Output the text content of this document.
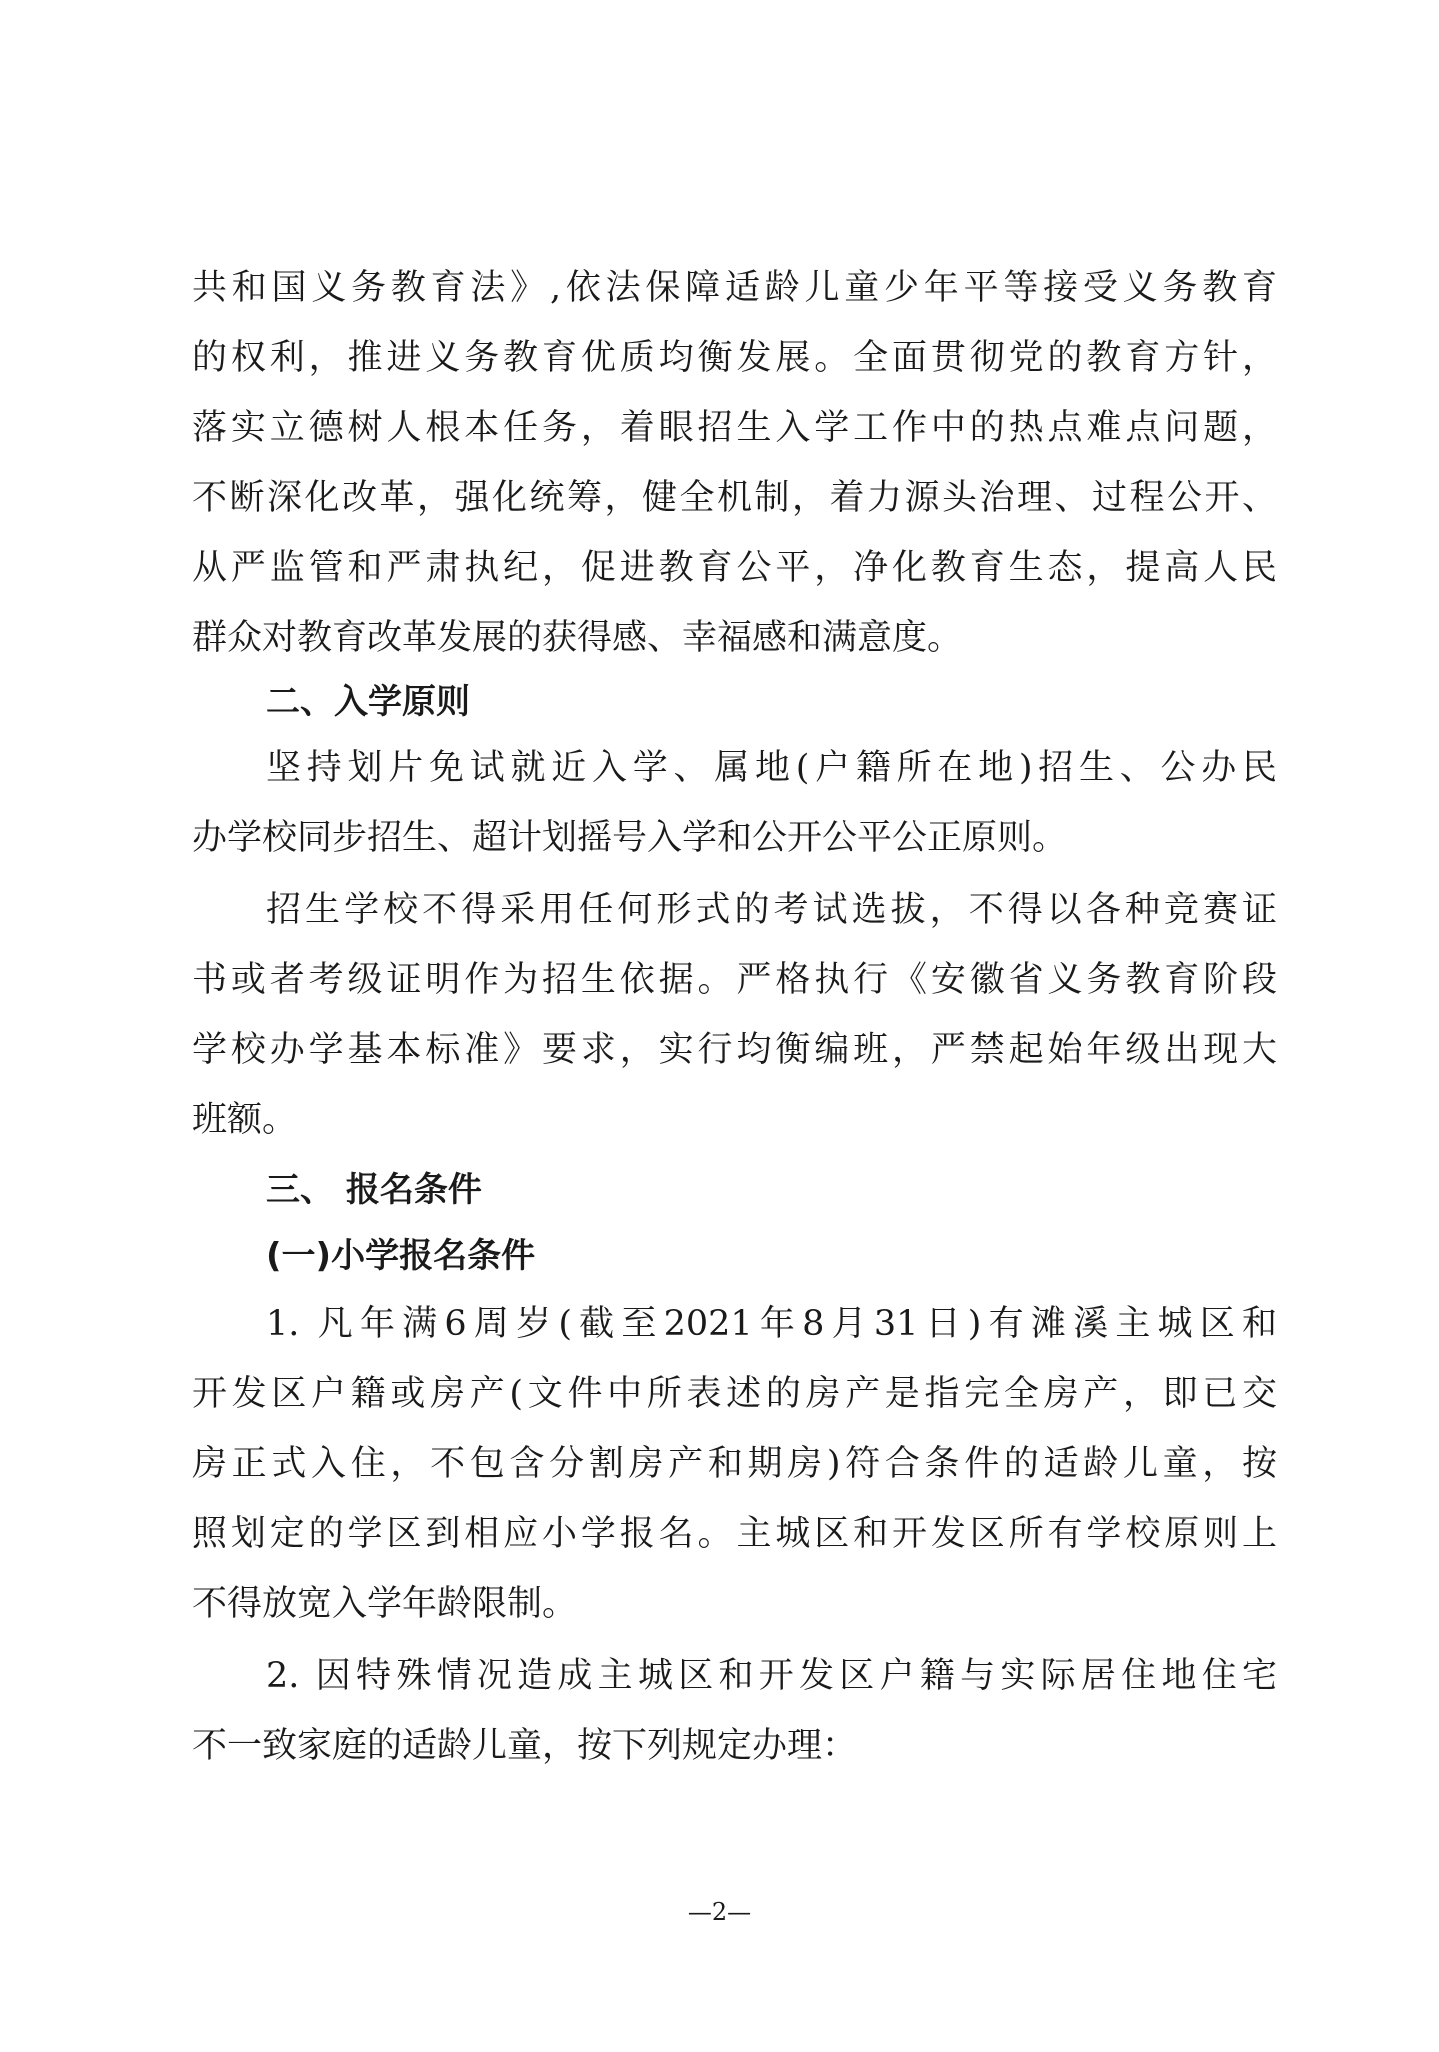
共和国义务教育法》,依法保障适龄儿童少年平等接受义务教育
的权利，推进义务教育优质均衡发展。全面贯彻党的教育方针，
落实立德树人根本任务，着眼招生入学工作中的热点难点问题，
不断深化改革，强化统筹，健全机制，着力源头治理、过程公开、
从严监管和严肃执纪，促进教育公平，净化教育生态，提高人民
群众对教育改革发展的获得感、幸福感和满意度。
二、入学原则
坚持划片免试就近入学、属地(户籍所在地)招生、公办民
办学校同步招生、超计划摇号入学和公开公平公正原则。
招生学校不得采用任何形式的考试选拔，不得以各种竞赛证
书或者考级证明作为招生依据。严格执行《安徽省义务教育阶段
学校办学基本标准》要求，实行均衡编班，严禁起始年级出现大
班额。
三、 报名条件
(一)小学报名条件
1. 凡年满6周岁(截至2021年8月31日)有滩溪主城区和
开发区户籍或房产(文件中所表述的房产是指完全房产，即已交
房正式入住，不包含分割房产和期房)符合条件的适龄儿童，按
照划定的学区到相应小学报名。主城区和开发区所有学校原则上
不得放宽入学年龄限制。
2. 因特殊情况造成主城区和开发区户籍与实际居住地住宅
不一致家庭的适龄儿童，按下列规定办理：
—2—
